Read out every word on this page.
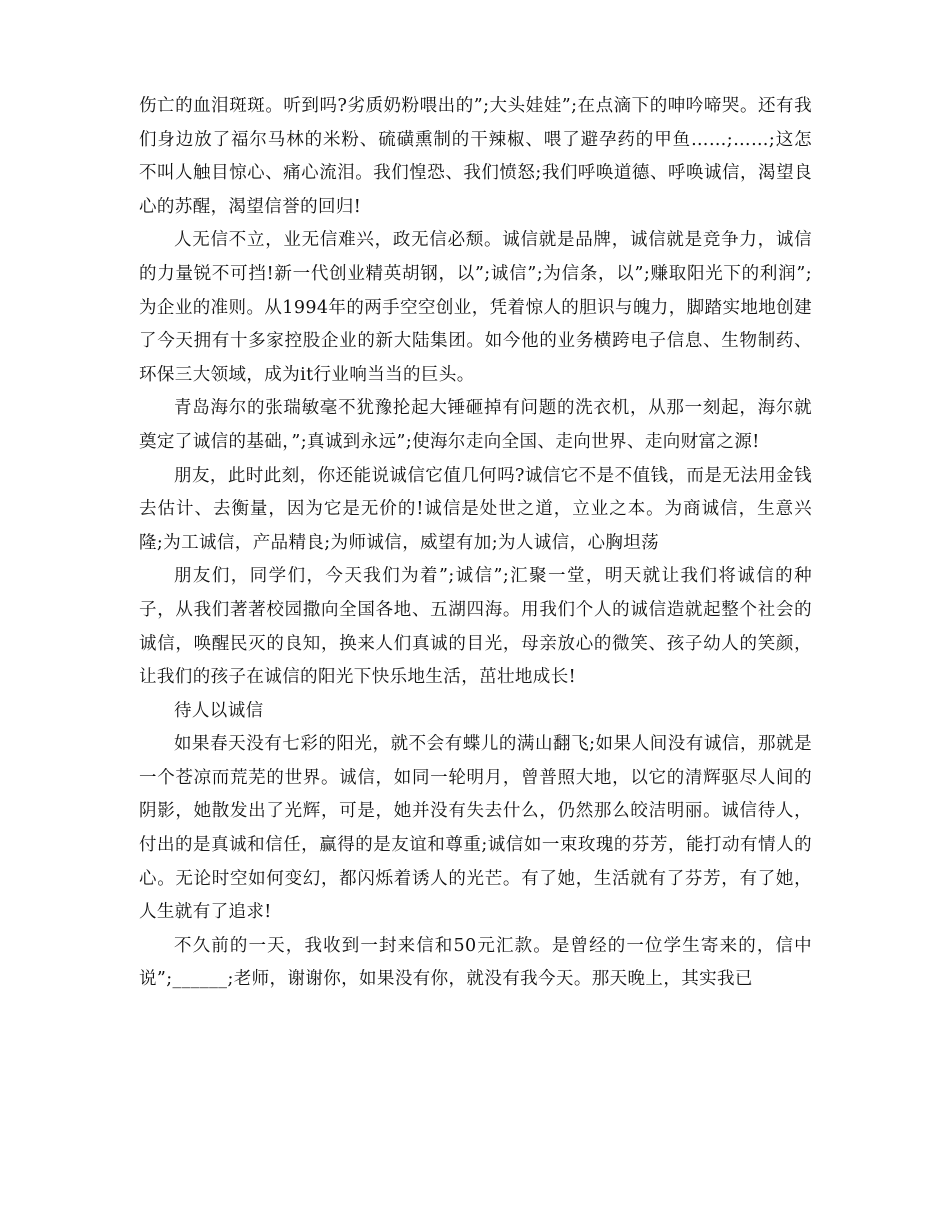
伤亡的血泪斑斑。听到吗?劣质奶粉喂出的”;大头娃娃”;在点滴下的呻吟啼哭。还有我们身边放了福尔马林的米粉、硫磺熏制的干辣椒、喂了避孕药的甲鱼……;……;这怎不叫人触目惊心、痛心流泪。我们惶恐、我们愤怒;我们呼唤道德、呼唤诚信，渴望良心的苏醒，渴望信誉的回归!

人无信不立，业无信难兴，政无信必颓。诚信就是品牌，诚信就是竞争力，诚信的力量锐不可挡!新一代创业精英胡钢，以”;诚信”;为信条，以”;赚取阳光下的利润”;为企业的准则。从1994年的两手空空创业，凭着惊人的胆识与魄力，脚踏实地地创建了今天拥有十多家控股企业的新大陆集团。如今他的业务横跨电子信息、生物制药、环保三大领域，成为it行业响当当的巨头。

青岛海尔的张瑞敏毫不犹豫抡起大锤砸掉有问题的洗衣机，从那一刻起，海尔就奠定了诚信的基础，”;真诚到永远”;使海尔走向全国、走向世界、走向财富之源!

朋友，此时此刻，你还能说诚信它值几何吗?诚信它不是不值钱，而是无法用金钱去估计、去衡量，因为它是无价的!诚信是处世之道，立业之本。为商诚信，生意兴隆;为工诚信，产品精良;为师诚信，威望有加;为人诚信，心胸坦荡

朋友们，同学们，今天我们为着”;诚信”;汇聚一堂，明天就让我们将诚信的种子，从我们著著校园撒向全国各地、五湖四海。用我们个人的诚信造就起整个社会的诚信，唤醒民灭的良知，换来人们真诚的目光，母亲放心的微笑、孩子幼人的笑颜，让我们的孩子在诚信的阳光下快乐地生活，茁壮地成长!

待人以诚信

如果春天没有七彩的阳光，就不会有蝶儿的满山翻飞;如果人间没有诚信，那就是一个苍凉而荒芜的世界。诚信，如同一轮明月，曾普照大地，以它的清辉驱尽人间的阴影，她散发出了光辉，可是，她并没有失去什么，仍然那么皎洁明丽。诚信待人，付出的是真诚和信任，赢得的是友谊和尊重;诚信如一束玫瑰的芬芳，能打动有情人的心。无论时空如何变幻，都闪烁着诱人的光芒。有了她，生活就有了芬芳，有了她，人生就有了追求!

不久前的一天，我收到一封来信和50元汇款。是曾经的一位学生寄来的，信中说”;______;老师，谢谢你，如果没有你，就没有我今天。那天晚上，其实我已
